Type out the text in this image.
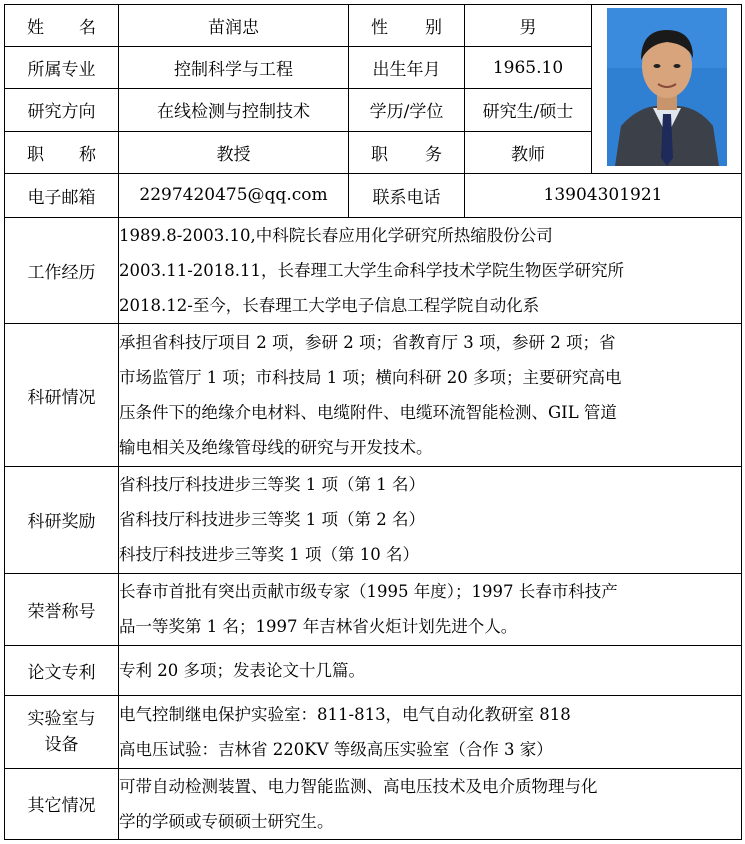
姓 名	苗润忠	性 别	男	
所属专业	控制科学与工程	出生年月	1965.10	
研究方向	在线检测与控制技术	学历/学位	研究生/硕士	

职 称	教授	职 务	教师	
电子邮箱	2297420475@qq.com	联系电话	13904301921	
工作经历	1989.8-2003.10,中科院长春应用化学研究所热缩股份公司
2003.11-2018.11，长春理工大学生命科学技术学院生物医学研究所
2018.12-至今，长春理工大学电子信息工程学院自动化系			

科研情况	承担省科技厅项目 2 项，参研 2 项；省教育厅 3 项，参研 2 项；省
市场监管厅 1 项；市科技局 1 项；横向科研 20 多项；主要研究高电
压条件下的绝缘介电材料、电缆附件、电缆环流智能检测、GIL 管道
输电相关及绝缘管母线的研究与开发技术。			

科研奖励	省科技厅科技进步三等奖 1 项（第 1 名）
省科技厅科技进步三等奖 1 项（第 2 名）
科技厅科技进步三等奖 1 项（第 10 名）			

荣誉称号	长春市首批有突出贡献市级专家（1995 年度）；1997 长春市科技产
品一等奖第 1 名；1997 年吉林省火炬计划先进个人。			

论文专利	专利 20 多项；发表论文十几篇。			

实验室与
设备	电气控制继电保护实验室：811-813，电气自动化教研室 818
高电压试验：吉林省 220KV 等级高压实验室（合作 3 家）			

其它情况	可带自动检测装置、电力智能监测、高电压技术及电介质物理与化
学的学硕或专硕硕士研究生。			
